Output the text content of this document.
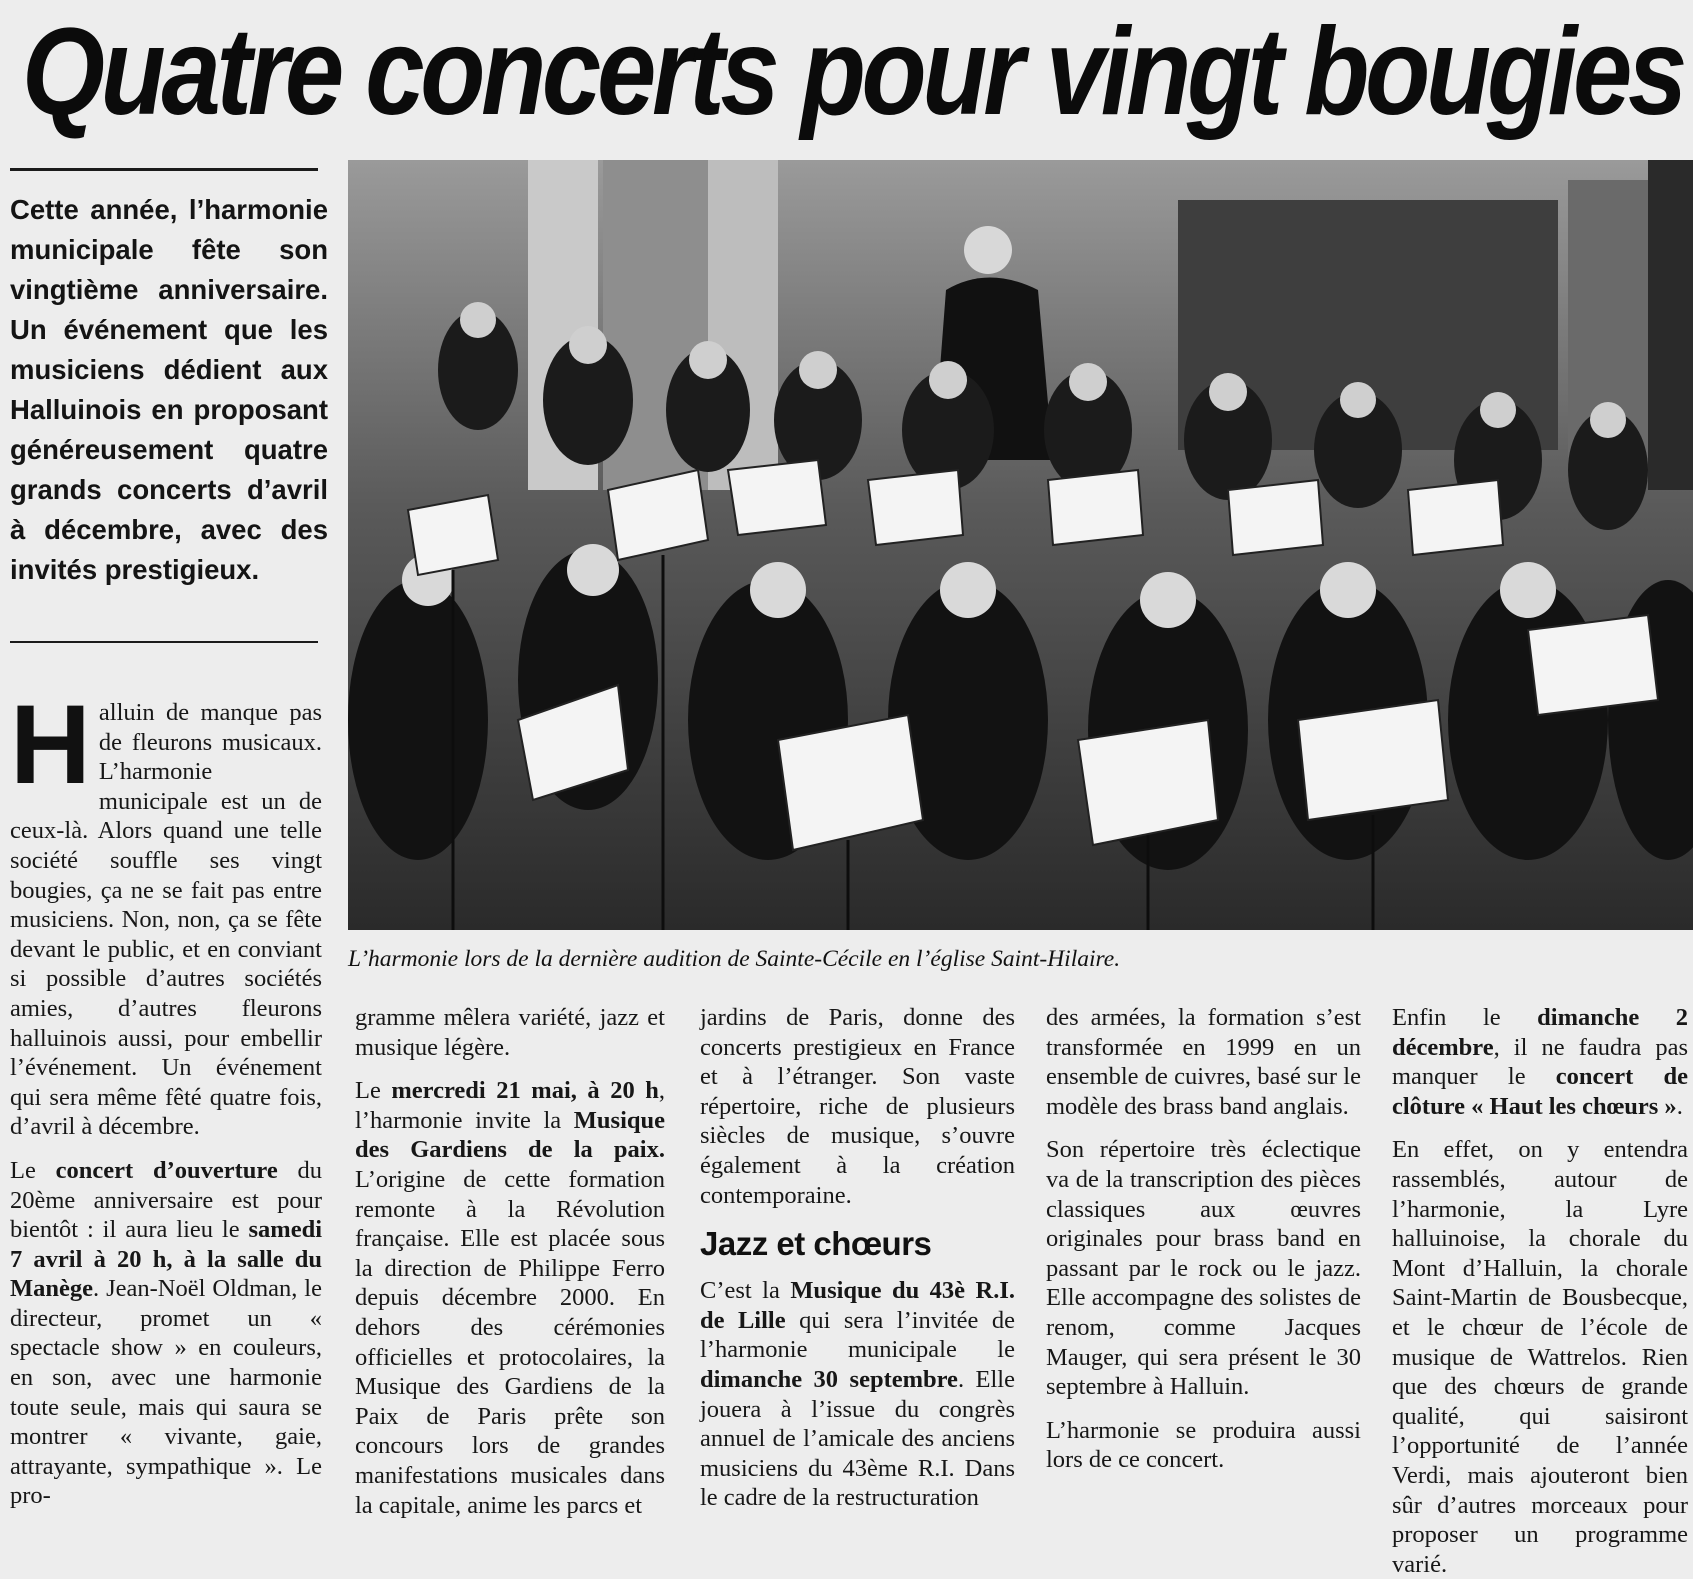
Quatre concerts pour vingt bougies
Cette année, l’harmonie municipale fête son vingtième anniversaire. Un événement que les musiciens dédient aux Halluinois en proposant généreusement quatre grands concerts d’avril à décembre, avec des invités prestigieux.
L’harmonie lors de la dernière audition de Sainte-Cécile en l’église Saint-Hilaire.

H alluin de manque pas de fleurons musicaux. L’harmonie municipale est un de ceux-là. Alors quand une telle société souffle ses vingt bougies, ça ne se fait pas entre musiciens. Non, non, ça se fête devant le public, et en conviant si possible d’autres sociétés amies, d’autres fleurons halluinois aussi, pour embellir l’événement. Un événement qui sera même fêté quatre fois, d’avril à décembre.

Le concert d’ouverture du 20ème anniversaire est pour bientôt : il aura lieu le samedi 7 avril à 20 h, à la salle du Manège. Jean-Noël Oldman, le directeur, promet un « spectacle show » en couleurs, en son, avec une harmonie toute seule, mais qui saura se montrer « vivante, gaie, attrayante, sympathique ». Le pro-

gramme mêlera variété, jazz et musique légère.

Le mercredi 21 mai, à 20 h, l’harmonie invite la Musique des Gardiens de la paix. L’origine de cette formation remonte à la Révolution française. Elle est placée sous la direction de Philippe Ferro depuis décembre 2000. En dehors des cérémonies officielles et protocolaires, la Musique des Gardiens de la Paix de Paris prête son concours lors de grandes manifestations musicales dans la capitale, anime les parcs et

jardins de Paris, donne des concerts prestigieux en France et à l’étranger. Son vaste répertoire, riche de plusieurs siècles de musique, s’ouvre également à la création contemporaine.

Jazz et chœurs

C’est la Musique du 43è R.I. de Lille qui sera l’invitée de l’harmonie municipale le dimanche 30 septembre. Elle jouera à l’issue du congrès annuel de l’amicale des anciens musiciens du 43ème R.I. Dans le cadre de la restructuration

des armées, la formation s’est transformée en 1999 en un ensemble de cuivres, basé sur le modèle des brass band anglais.

Son répertoire très éclectique va de la transcription des pièces classiques aux œuvres originales pour brass band en passant par le rock ou le jazz. Elle accompagne des solistes de renom, comme Jacques Mauger, qui sera présent le 30 septembre à Halluin.

L’harmonie se produira aussi lors de ce concert.

Enfin le dimanche 2 décembre, il ne faudra pas manquer le concert de clôture « Haut les chœurs ».

En effet, on y entendra rassemblés, autour de l’harmonie, la Lyre halluinoise, la chorale du Mont d’Halluin, la chorale Saint-Martin de Bousbecque, et le chœur de l’école de musique de Wattrelos. Rien que des chœurs de grande qualité, qui saisiront l’opportunité de l’année Verdi, mais ajouteront bien sûr d’autres morceaux pour proposer un programme varié.
